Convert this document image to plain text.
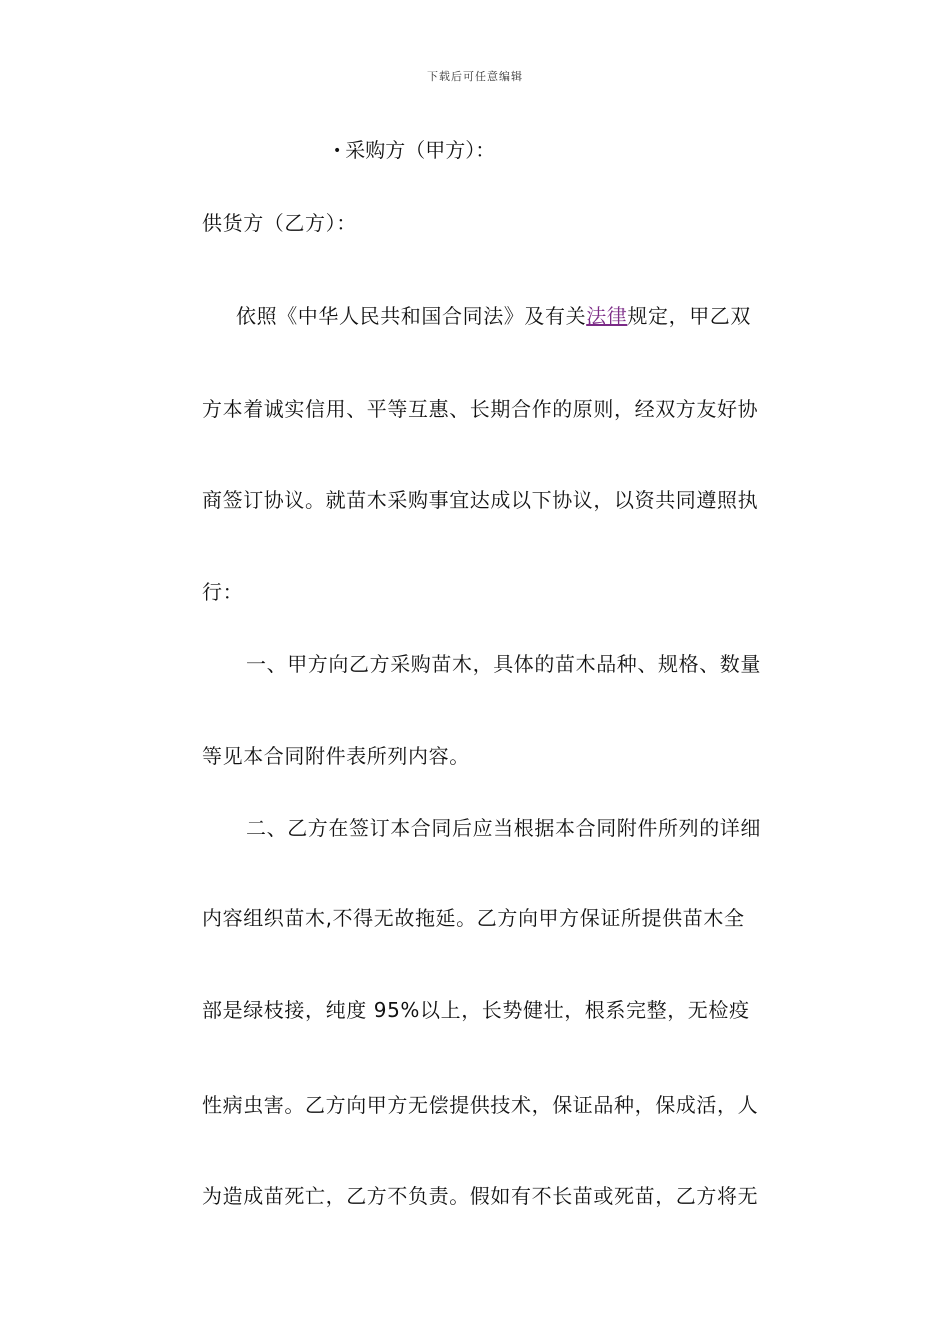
下载后可任意编辑
• 采购方（甲方）：
供货方（乙方）：
依照《中华人民共和国合同法》及有关法律规定，甲乙双
方本着诚实信用、平等互惠、长期合作的原则，经双方友好协
商签订协议。就苗木采购事宜达成以下协议，以资共同遵照执
行：
一、甲方向乙方采购苗木，具体的苗木品种、规格、数量
等见本合同附件表所列内容。
二、乙方在签订本合同后应当根据本合同附件所列的详细
内容组织苗木,不得无故拖延。乙方向甲方保证所提供苗木全
部是绿枝接，纯度 95%以上，长势健壮，根系完整，无检疫
性病虫害。乙方向甲方无偿提供技术，保证品种，保成活，人
为造成苗死亡，乙方不负责。假如有不长苗或死苗，乙方将无
